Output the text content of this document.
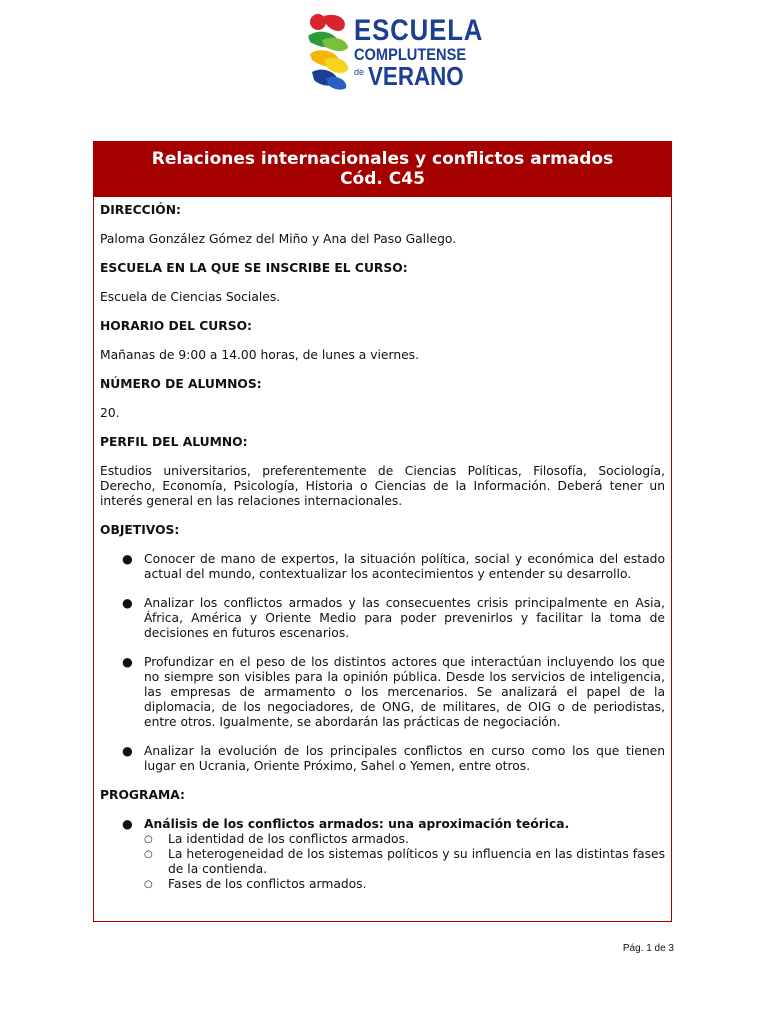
ESCUELA
COMPLUTENSE
de VERANO
Relaciones internacionales y conflictos armados
Cód. C45
DIRECCIÓN:
Paloma González Gómez del Miño y Ana del Paso Gallego.
ESCUELA EN LA QUE SE INSCRIBE EL CURSO:
Escuela de Ciencias Sociales.
HORARIO DEL CURSO:
Mañanas de 9:00 a 14.00 horas, de lunes a viernes.
NÚMERO DE ALUMNOS:
20.
PERFIL DEL ALUMNO:
Estudios universitarios, preferentemente de Ciencias Políticas, Filosofía, Sociología, Derecho, Economía, Psicología, Historia o Ciencias de la Información. Deberá tener un interés general en las relaciones internacionales.
OBJETIVOS:
● Conocer de mano de expertos, la situación política, social y económica del estado actual del mundo, contextualizar los acontecimientos y entender su desarrollo.
● Analizar los conflictos armados y las consecuentes crisis principalmente en Asia, África, América y Oriente Medio para poder prevenirlos y facilitar la toma de decisiones en futuros escenarios.
● Profundizar en el peso de los distintos actores que interactúan incluyendo los que no siempre son visibles para la opinión pública. Desde los servicios de inteligencia, las empresas de armamento o los mercenarios. Se analizará el papel de la diplomacia, de los negociadores, de ONG, de militares, de OIG o de periodistas, entre otros. Igualmente, se abordarán las prácticas de negociación.
● Analizar la evolución de los principales conflictos en curso como los que tienen lugar en Ucrania, Oriente Próximo, Sahel o Yemen, entre otros.
PROGRAMA:
● Análisis de los conflictos armados: una aproximación teórica.
○ La identidad de los conflictos armados.
○ La heterogeneidad de los sistemas políticos y su influencia en las distintas fases de la contienda.
○ Fases de los conflictos armados.
Pág. 1 de 3
